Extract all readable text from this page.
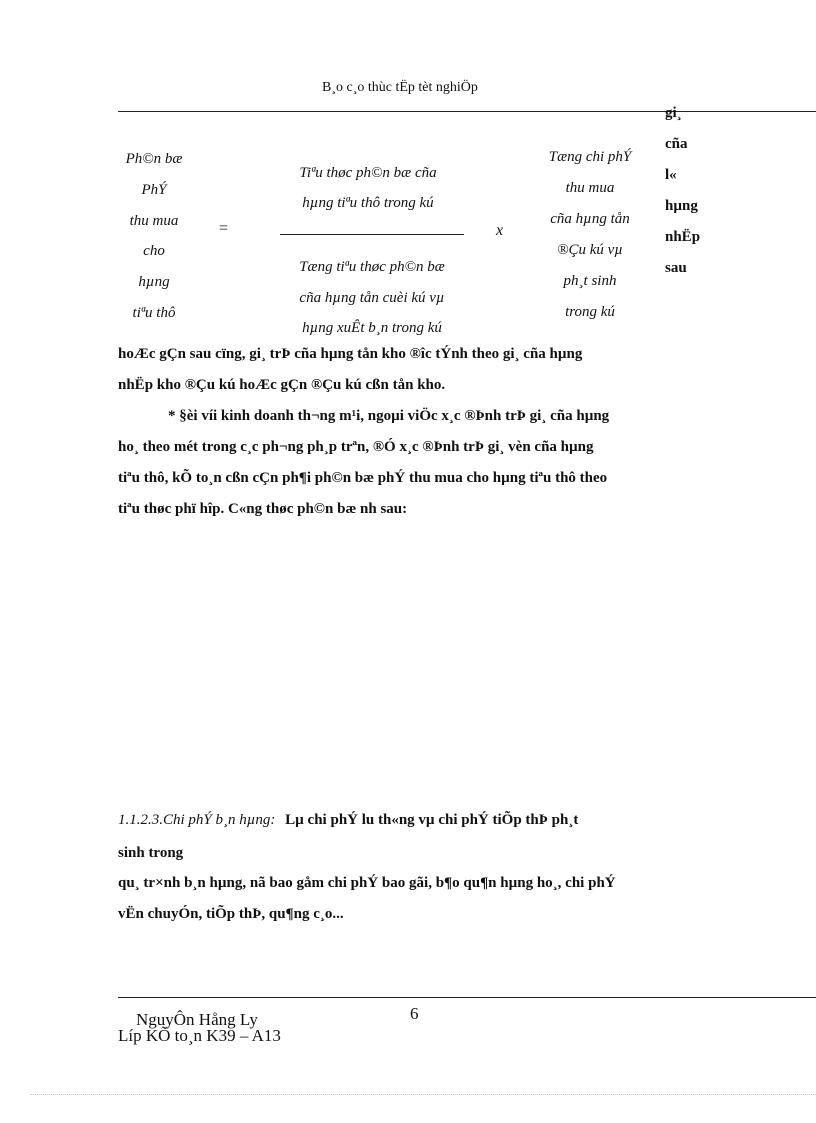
B¸o c¸o thùc tËp tèt nghiÖp
Ph©n bæ
PhÝ
thu mua
cho
hµng
tiªu thô
=
Tiªu thøc ph©n bæ cña
hµng tiªu thô trong kú
Tæng tiªu thøc ph©n bæ
cña hµng tån cuèi kú vµ
hµng xuÊt b¸n trong kú
x
Tæng chi phÝ
thu mua
cña hµng tån
®Çu kú vµ
ph¸t sinh
trong kú
gi¸
cña
l«
hµng
nhËp
sau
hoÆc gÇn sau cïng, gi¸ trÞ cña hµng tån kho ®îc tÝnh theo gi¸ cña hµng
nhËp kho ®Çu kú hoÆc gÇn ®Çu kú cßn tån kho.
* §èi víi kinh doanh th¬ng m¹i, ngoµi viÖc x¸c ®Þnh trÞ gi¸ cña hµng
ho¸ theo mét trong c¸c ph¬ng ph¸p trªn, ®Ó x¸c ®Þnh trÞ gi¸ vèn cña hµng
tiªu thô, kÕ to¸n cßn cÇn ph¶i ph©n bæ phÝ thu mua cho hµng tiªu thô theo
tiªu thøc phï hîp. C«ng thøc ph©n bæ nh sau:
1.1.2.3.Chi phÝ b¸n hµng: Lµ chi phÝ lu th«ng vµ chi phÝ tiÕp thÞ ph¸t
sinh trong
qu¸ tr×nh b¸n hµng, nã bao gåm chi phÝ bao gãi, b¶o qu¶n hµng ho¸, chi phÝ
vËn chuyÓn, tiÕp thÞ, qu¶ng c¸o...
6
NguyÔn Hång Ly
Líp KÕ to¸n K39 – A13
